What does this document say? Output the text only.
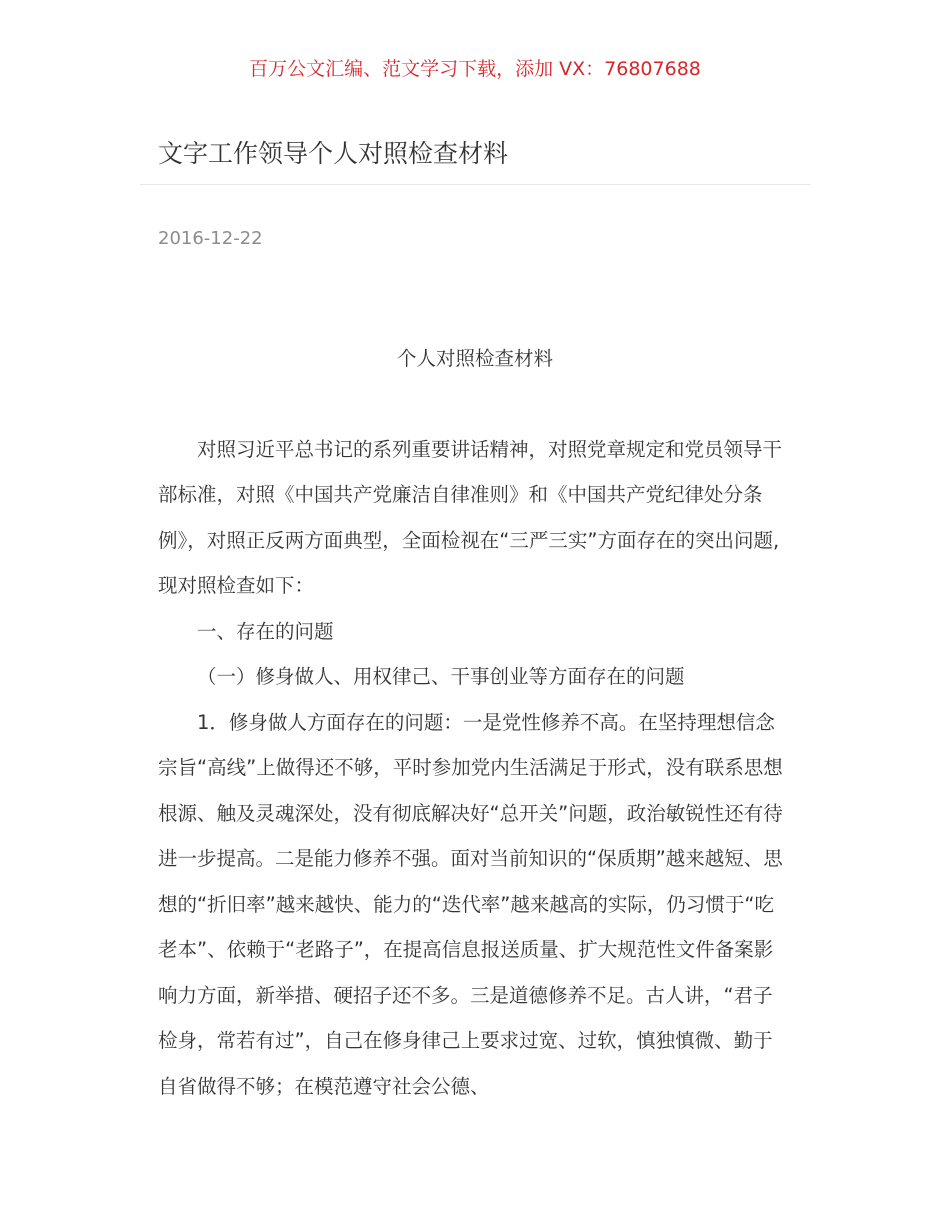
百万公文汇编、范文学习下载，添加 VX：76807688
文字工作领导个人对照检查材料
2016-12-22

个人对照检查材料

对照习近平总书记的系列重要讲话精神，对照党章规定和党员领导干部标准，对照《中国共产党廉洁自律准则》和《中国共产党纪律处分条例》，对照正反两方面典型，全面检视在“三严三实”方面存在的突出问题,现对照检查如下：

一、存在的问题

（一）修身做人、用权律己、干事创业等方面存在的问题

1．修身做人方面存在的问题：一是党性修养不高。在坚持理想信念宗旨“高线”上做得还不够，平时参加党内生活满足于形式，没有联系思想根源、触及灵魂深处，没有彻底解决好“总开关”问题，政治敏锐性还有待进一步提高。二是能力修养不强。面对当前知识的“保质期”越来越短、思想的“折旧率”越来越快、能力的“迭代率”越来越高的实际，仍习惯于“吃老本”、依赖于“老路子”，在提高信息报送质量、扩大规范性文件备案影响力方面，新举措、硬招子还不多。三是道德修养不足。古人讲，“君子检身，常若有过”，自己在修身律己上要求过宽、过软，慎独慎微、勤于自省做得不够；在模范遵守社会公德、
